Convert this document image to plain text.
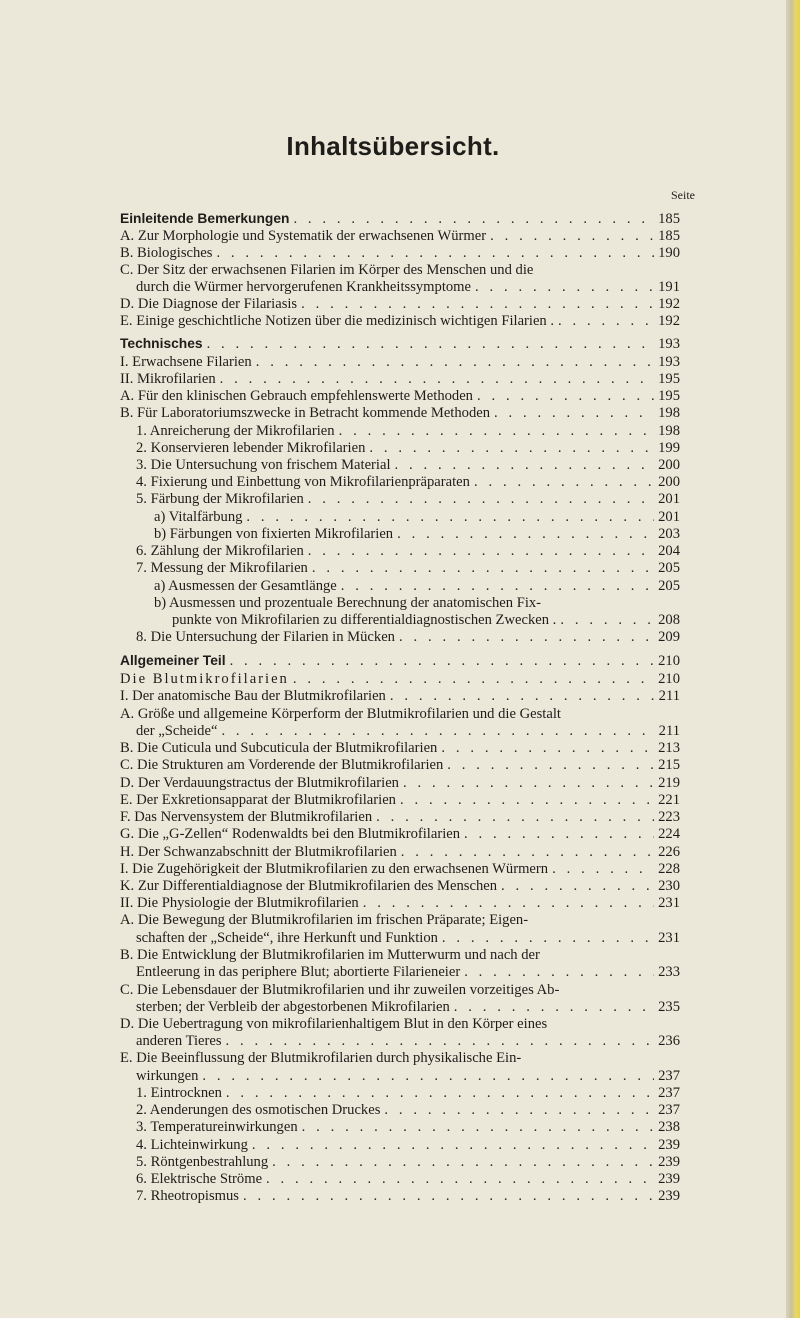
Inhaltsübersicht.
Seite
Einleitende Bemerkungen . . .	185
A. Zur Morphologie und Systematik der erwachsenen Würmer . . .	185
B. Biologisches . . .	190
C. Der Sitz der erwachsenen Filarien im Körper des Menschen und die
durch die Würmer hervorgerufenen Krankheitssymptome . . .	191
D. Die Diagnose der Filariasis . . .	192
E. Einige geschichtliche Notizen über die medizinisch wichtigen Filarien . . . .	192
Technisches . . .	193
I. Erwachsene Filarien . . .	193
II. Mikrofilarien . . .	195
A. Für den klinischen Gebrauch empfehlenswerte Methoden . . .	195
B. Für Laboratoriumszwecke in Betracht kommende Methoden . . .	198
1. Anreicherung der Mikrofilarien . . .	198
2. Konservieren lebender Mikrofilarien . . .	199
3. Die Untersuchung von frischem Material . . .	200
4. Fixierung und Einbettung von Mikrofilarienpräparaten . . .	200
5. Färbung der Mikrofilarien . . .	201
a) Vitalfärbung . . .	201
b) Färbungen von fixierten Mikrofilarien . . .	203
6. Zählung der Mikrofilarien . . .	204
7. Messung der Mikrofilarien . . .	205
a) Ausmessen der Gesamtlänge . . .	205
b) Ausmessen und prozentuale Berechnung der anatomischen Fix-
punkte von Mikrofilarien zu differentialdiagnostischen Zwecken . . . .	208
8. Die Untersuchung der Filarien in Mücken . . .	209
Allgemeiner Teil . . .	210
Die Blutmikrofilarien . . .	210
I. Der anatomische Bau der Blutmikrofilarien . . .	211
A. Größe und allgemeine Körperform der Blutmikrofilarien und die Gestalt
der „Scheide“ . . .	211
B. Die Cuticula und Subcuticula der Blutmikrofilarien . . .	213
C. Die Strukturen am Vorderende der Blutmikrofilarien . . .	215
D. Der Verdauungstractus der Blutmikrofilarien . . .	219
E. Der Exkretionsapparat der Blutmikrofilarien . . .	221
F. Das Nervensystem der Blutmikrofilarien . . .	223
G. Die „G-Zellen“ Rodenwaldts bei den Blutmikrofilarien . . .	224
H. Der Schwanzabschnitt der Blutmikrofilarien . . .	226
I. Die Zugehörigkeit der Blutmikrofilarien zu den erwachsenen Würmern . . .	228
K. Zur Differentialdiagnose der Blutmikrofilarien des Menschen . . .	230
II. Die Physiologie der Blutmikrofilarien . . .	231
A. Die Bewegung der Blutmikrofilarien im frischen Präparate; Eigen-
schaften der „Scheide“, ihre Herkunft und Funktion . . .	231
B. Die Entwicklung der Blutmikrofilarien im Mutterwurm und nach der
Entleerung in das periphere Blut; abortierte Filarieneier . . .	233
C. Die Lebensdauer der Blutmikrofilarien und ihr zuweilen vorzeitiges Ab-
sterben; der Verbleib der abgestorbenen Mikrofilarien . . .	235
D. Die Uebertragung von mikrofilarienhaltigem Blut in den Körper eines
anderen Tieres . . .	236
E. Die Beeinflussung der Blutmikrofilarien durch physikalische Ein-
wirkungen . . .	237
1. Eintrocknen . . .	237
2. Aenderungen des osmotischen Druckes . . .	237
3. Temperatureinwirkungen . . .	238
4. Lichteinwirkung . . .	239
5. Röntgenbestrahlung . . .	239
6. Elektrische Ströme . . .	239
7. Rheotropismus . . .	239
